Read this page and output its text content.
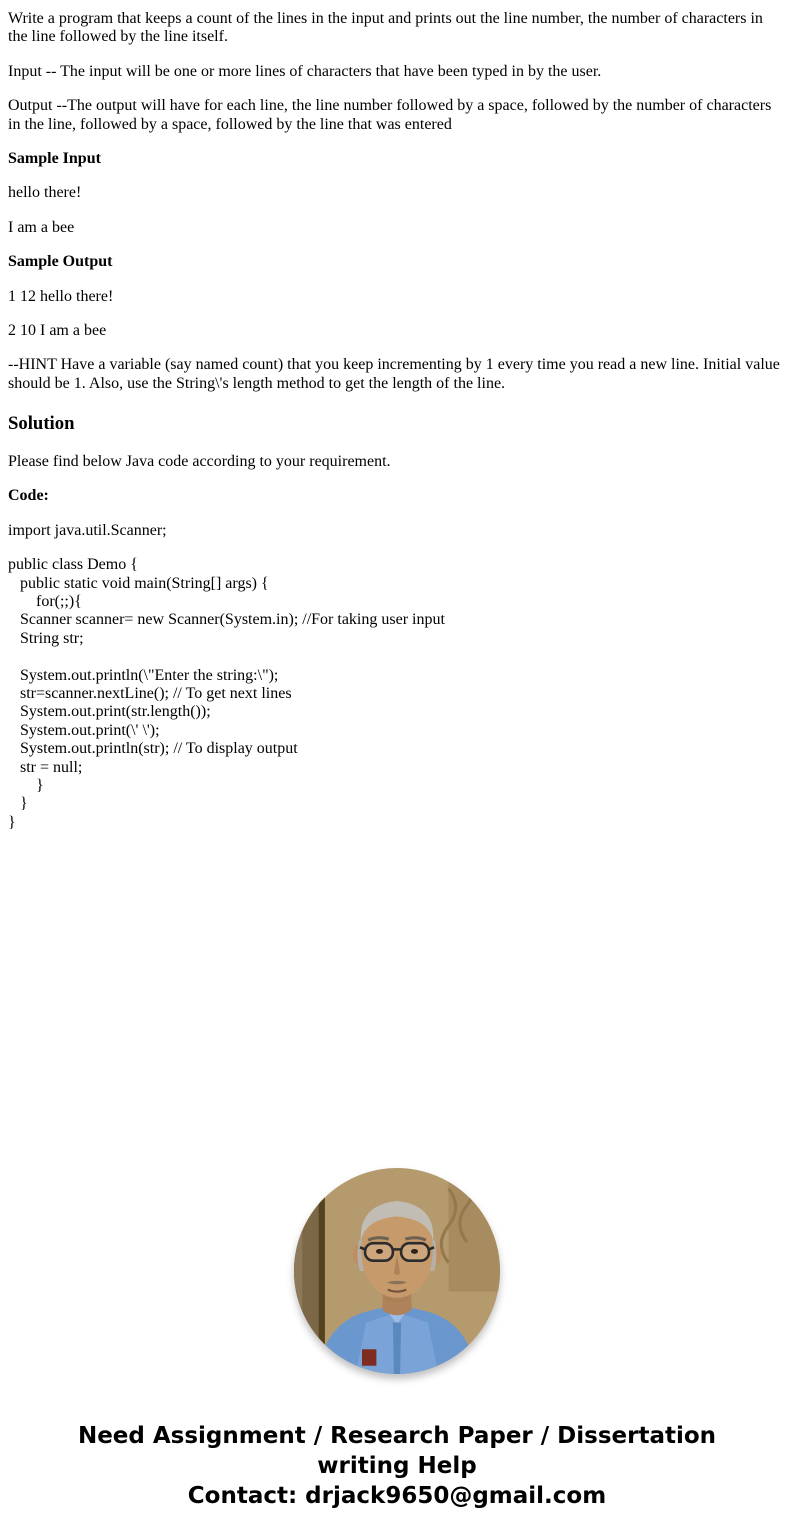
Write a program that keeps a count of the lines in the input and prints out the line number, the number of characters in the line followed by the line itself.

Input -- The input will be one or more lines of characters that have been typed in by the user.

Output --The output will have for each line, the line number followed by a space, followed by the number of characters in the line, followed by a space, followed by the line that was entered

Sample Input

hello there!

I am a bee

Sample Output

1 12 hello there!

2 10 I am a bee

--HINT Have a variable (say named count) that you keep incrementing by 1 every time you read a new line. Initial value should be 1. Also, use the String\'s length method to get the length of the line.

Solution

Please find below Java code according to your requirement.

Code:

import java.util.Scanner;

public class Demo {
public static void main(String[] args) {
for(;;){
Scanner scanner= new Scanner(System.in); //For taking user input
String str;
System.out.println(\"Enter the string:\");
str=scanner.nextLine(); // To get next lines
System.out.print(str.length());
System.out.print(\' \');
System.out.println(str); // To display output
str = null;
}
}
}
Need Assignment / Research Paper / Dissertation writing Help
Contact: drjack9650@gmail.com
